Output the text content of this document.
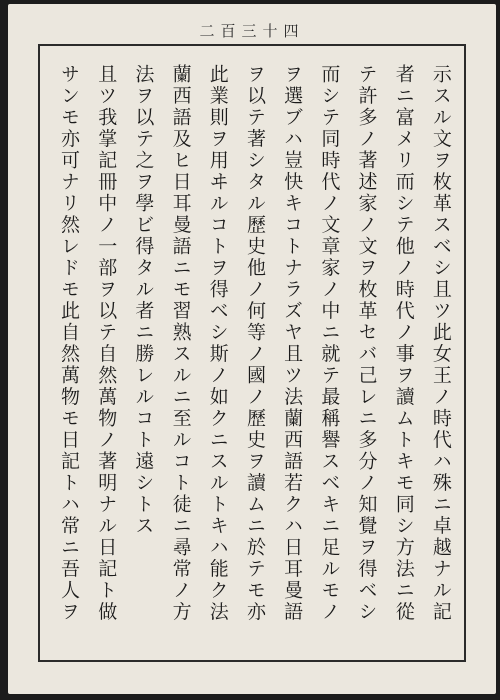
二百三十四
示スル文ヲ枚革スベシ且ツ此女王ノ時代ハ殊ニ卓越ナル記
者ニ富メリ而シテ他ノ時代ノ事ヲ讀ムトキモ同シ方法ニ從
テ許多ノ著述家ノ文ヲ枚革セバ己レニ多分ノ知覺ヲ得ベシ
而シテ同時代ノ文章家ノ中ニ就テ最稱譽スベキニ足ルモノ
ヲ選ブハ豈快キコトナラズヤ且ツ法蘭西語若クハ日耳曼語
ヲ以テ著シタル歷史他ノ何等ノ國ノ歷史ヲ讀ムニ於テモ亦
此業則ヲ用ヰルコトヲ得ベシ斯ノ如クニスルトキハ能ク法
蘭西語及ヒ日耳曼語ニモ習熟スルニ至ルコト徒ニ尋常ノ方
法ヲ以テ之ヲ學ビ得タル者ニ勝レルコト遠シトス
且ツ我掌記冊中ノ一部ヲ以テ自然萬物ノ著明ナル日記ト做
サンモ亦可ナリ然レドモ此自然萬物モ日記トハ常ニ吾人ヲ
